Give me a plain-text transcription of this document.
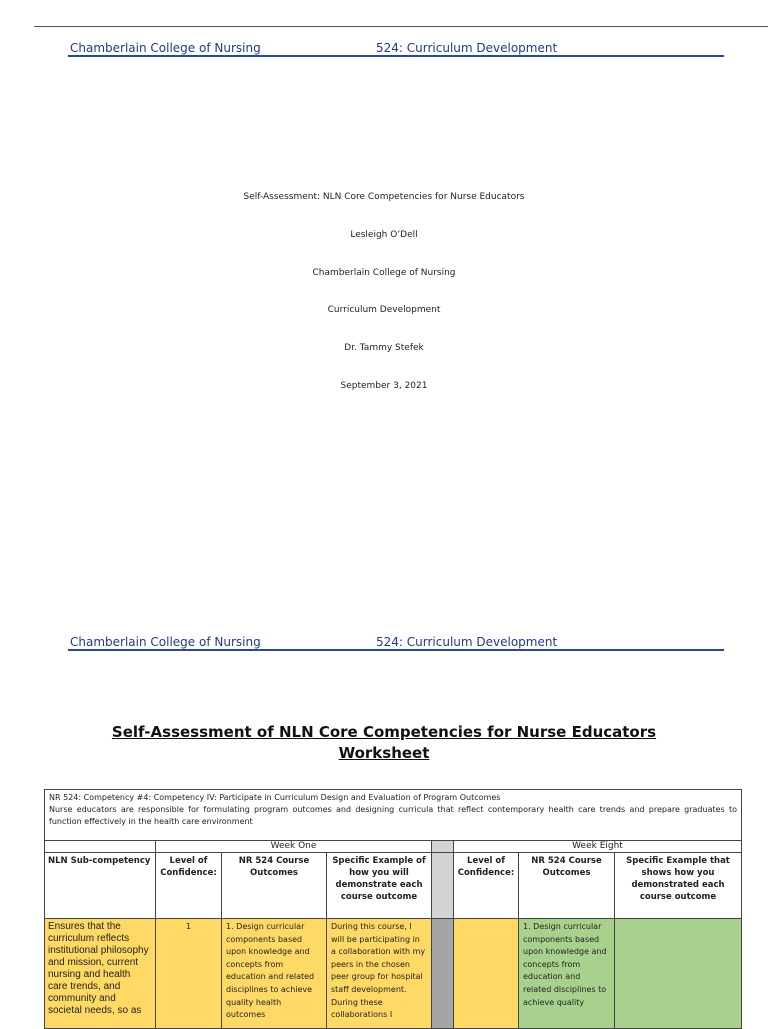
Chamberlain College of Nursing	524: Curriculum Development
Self-Assessment: NLN Core Competencies for Nurse Educators
Lesleigh O’Dell
Chamberlain College of Nursing
Curriculum Development
Dr. Tammy Stefek
September 3, 2021
Chamberlain College of Nursing	524: Curriculum Development
Self-Assessment of NLN Core Competencies for Nurse Educators
Worksheet
NR 524: Competency #4: Competency IV: Participate in Curriculum Design and Evaluation of Program Outcomes
Nurse educators are responsible for formulating program outcomes and designing curricula that reflect contemporary health care trends and prepare graduates to function effectively in the health care environment							

	Week One				Week Eight		
NLN Sub-competency	Level of Confidence:	NR 524 Course Outcomes	Specific Example of how you will demonstrate each course outcome		Level of Confidence:	NR 524 Course Outcomes	Specific Example that shows how you demonstrated each course outcome
Ensures that the curriculum reflects institutional philosophy and mission, current nursing and health care trends, and community and societal needs, so as	1	1. Design curricular components based upon knowledge and concepts from education and related disciplines to achieve quality health outcomes	During this course, I will be participating in a collaboration with my peers in the chosen peer group for hospital staff development. During these collaborations I			1. Design curricular components based upon knowledge and concepts from education and related disciplines to achieve quality	
